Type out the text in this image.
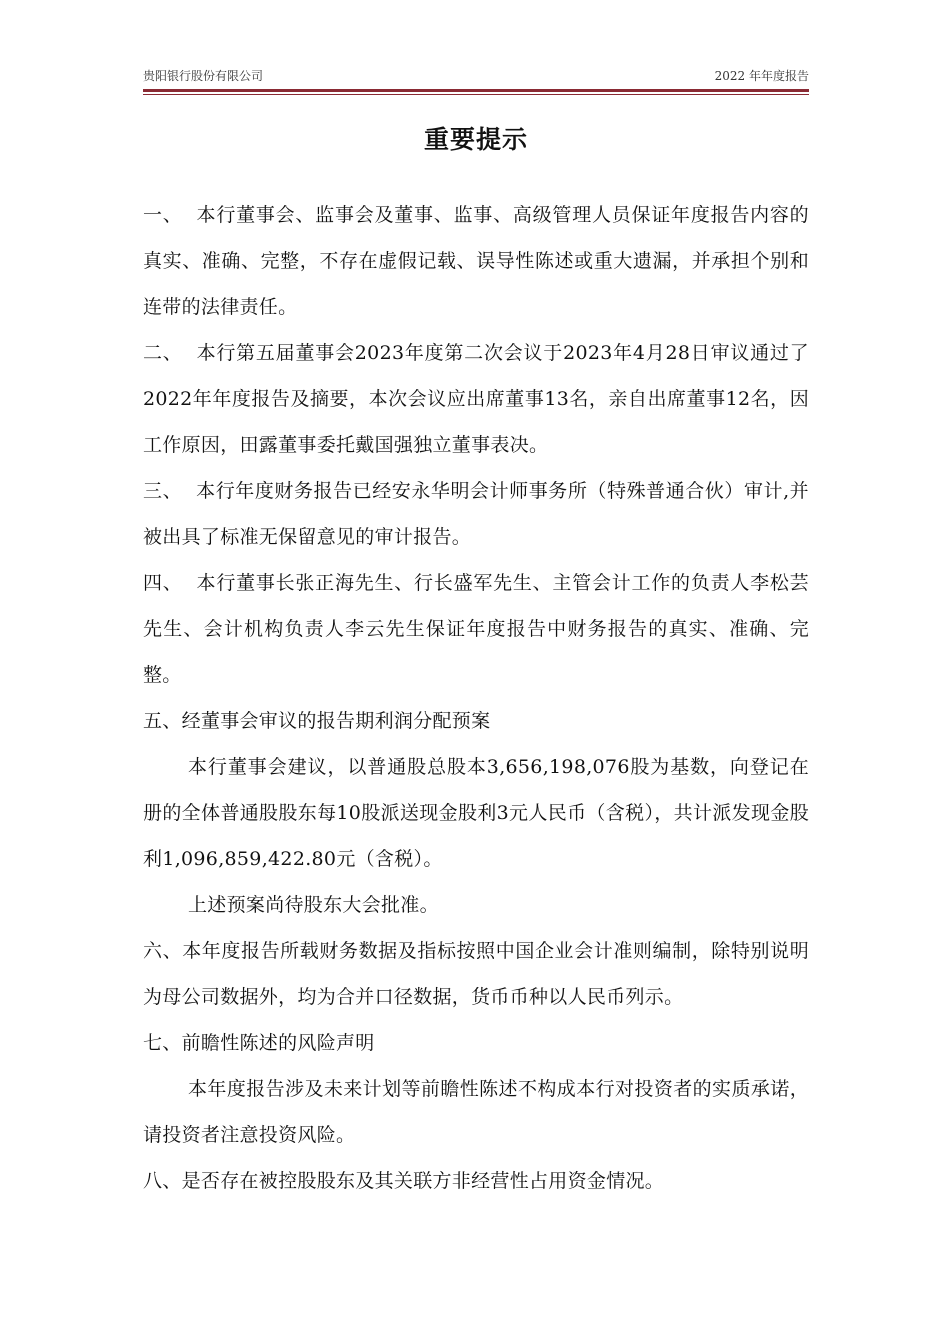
贵阳银行股份有限公司	2022 年年度报告
重要提示

一、 本行董事会、监事会及董事、监事、高级管理人员保证年度报告内容的真实、准确、完整，不存在虚假记载、误导性陈述或重大遗漏，并承担个别和连带的法律责任。

二、 本行第五届董事会2023年度第二次会议于2023年4月28日审议通过了2022年年度报告及摘要，本次会议应出席董事13名，亲自出席董事12名，因工作原因，田露董事委托戴国强独立董事表决。

三、 本行年度财务报告已经安永华明会计师事务所（特殊普通合伙）审计,并被出具了标准无保留意见的审计报告。

四、 本行董事长张正海先生、行长盛军先生、主管会计工作的负责人李松芸先生、会计机构负责人李云先生保证年度报告中财务报告的真实、准确、完整。

五、经董事会审议的报告期利润分配预案

本行董事会建议，以普通股总股本3,656,198,076股为基数，向登记在册的全体普通股股东每10股派送现金股利3元人民币（含税），共计派发现金股利1,096,859,422.80元（含税）。

上述预案尚待股东大会批准。

六、本年度报告所载财务数据及指标按照中国企业会计准则编制，除特别说明为母公司数据外，均为合并口径数据，货币币种以人民币列示。

七、前瞻性陈述的风险声明

本年度报告涉及未来计划等前瞻性陈述不构成本行对投资者的实质承诺，请投资者注意投资风险。

八、是否存在被控股股东及其关联方非经营性占用资金情况。
